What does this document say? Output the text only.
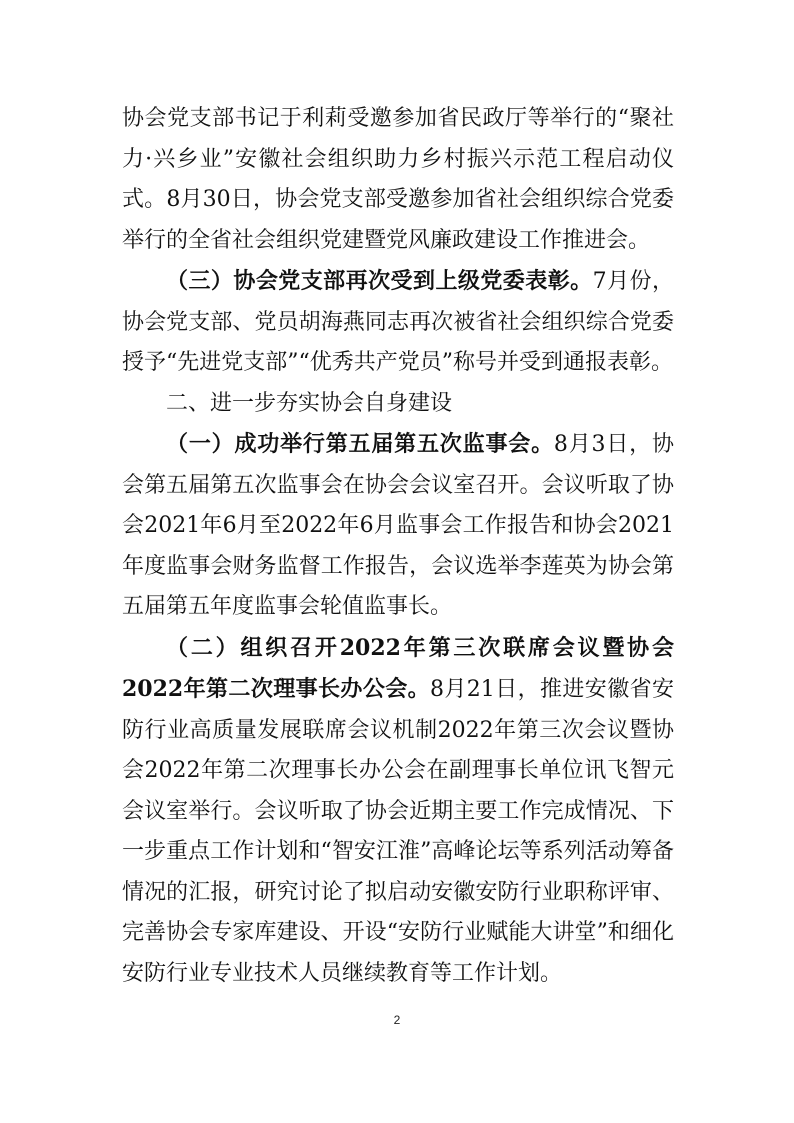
协会党支部书记于利莉受邀参加省民政厅等举行的“聚社力·兴乡业”安徽社会组织助力乡村振兴示范工程启动仪式。8月30日，协会党支部受邀参加省社会组织综合党委举行的全省社会组织党建暨党风廉政建设工作推进会。

（三）协会党支部再次受到上级党委表彰。7月份，协会党支部、党员胡海燕同志再次被省社会组织综合党委授予“先进党支部”“优秀共产党员”称号并受到通报表彰。

二、进一步夯实协会自身建设

（一）成功举行第五届第五次监事会。8月3日，协会第五届第五次监事会在协会会议室召开。会议听取了协会2021年6月至2022年6月监事会工作报告和协会2021年度监事会财务监督工作报告，会议选举李莲英为协会第五届第五年度监事会轮值监事长。

（二）组织召开2022年第三次联席会议暨协会2022年第二次理事长办公会。8月21日，推进安徽省安防行业高质量发展联席会议机制2022年第三次会议暨协会2022年第二次理事长办公会在副理事长单位讯飞智元会议室举行。会议听取了协会近期主要工作完成情况、下一步重点工作计划和“智安江淮”高峰论坛等系列活动筹备情况的汇报，研究讨论了拟启动安徽安防行业职称评审、完善协会专家库建设、开设“安防行业赋能大讲堂”和细化安防行业专业技术人员继续教育等工作计划。

2
